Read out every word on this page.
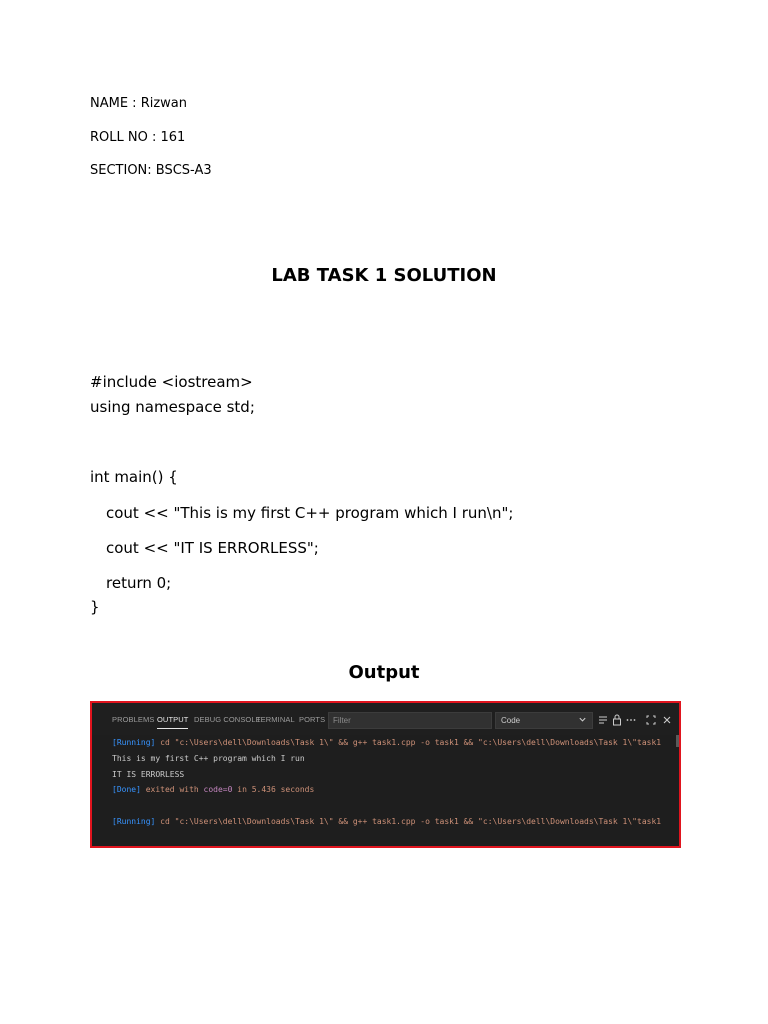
NAME : Rizwan
ROLL NO : 161
SECTION: BSCS-A3
LAB TASK 1 SOLUTION
#include <iostream>
using namespace std;
int main() {
cout << "This is my first C++ program which I run\n";
cout << "IT IS ERRORLESS";
return 0;
}
Output
PROBLEMS OUTPUT DEBUG CONSOLE
TERMINAL PORTS Filter	Code
[Running] cd "c:\Users\dell\Downloads\Task 1\" && g++ task1.cpp -o task1 && "c:\Users\dell\Downloads\Task 1\"task1
This is my first C++ program which I run
IT IS ERRORLESS
[Done] exited with code=0 in 5.436 seconds
[Running] cd "c:\Users\dell\Downloads\Task 1\" && g++ task1.cpp -o task1 && "c:\Users\dell\Downloads\Task 1\"task1
